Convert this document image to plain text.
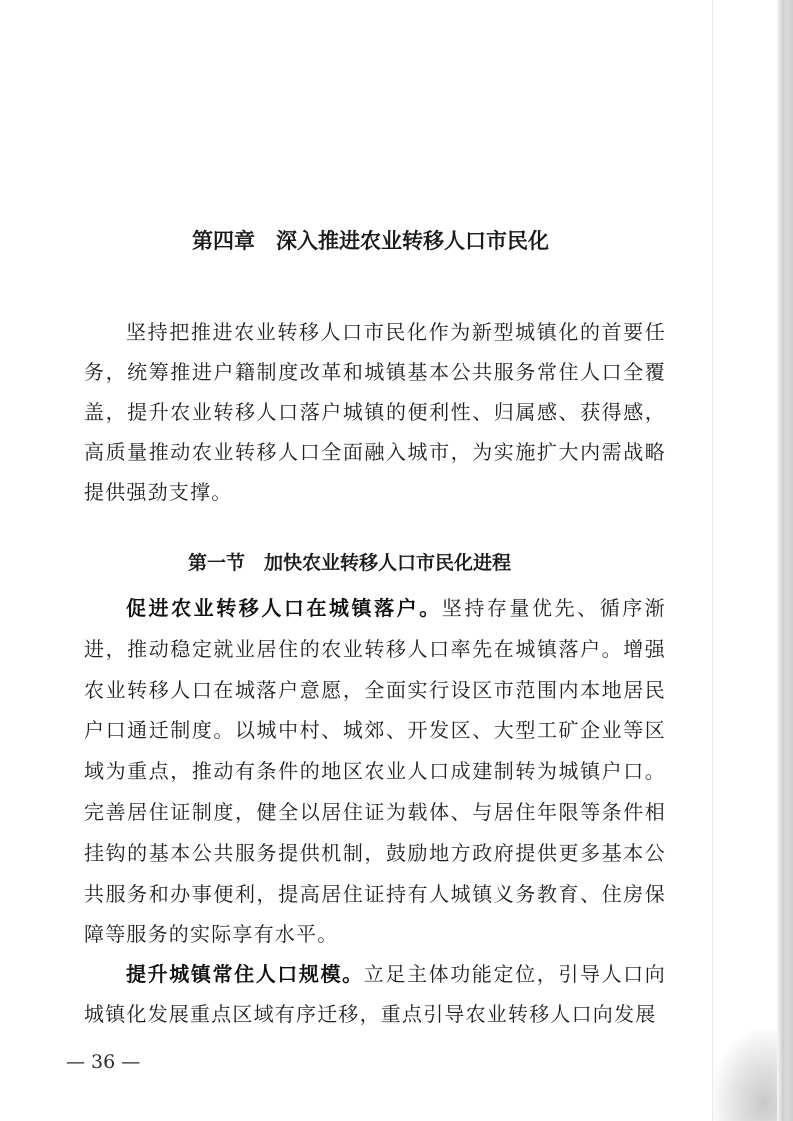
第四章　深入推进农业转移人口市民化

坚持把推进农业转移人口市民化作为新型城镇化的首要任务，统筹推进户籍制度改革和城镇基本公共服务常住人口全覆盖，提升农业转移人口落户城镇的便利性、归属感、获得感，高质量推动农业转移人口全面融入城市，为实施扩大内需战略提供强劲支撑。

第一节　加快农业转移人口市民化进程

促进农业转移人口在城镇落户。坚持存量优先、循序渐进，推动稳定就业居住的农业转移人口率先在城镇落户。增强农业转移人口在城落户意愿，全面实行设区市范围内本地居民户口通迁制度。以城中村、城郊、开发区、大型工矿企业等区域为重点，推动有条件的地区农业人口成建制转为城镇户口。完善居住证制度，健全以居住证为载体、与居住年限等条件相挂钩的基本公共服务提供机制，鼓励地方政府提供更多基本公共服务和办事便利，提高居住证持有人城镇义务教育、住房保障等服务的实际享有水平。

提升城镇常住人口规模。立足主体功能定位，引导人口向城镇化发展重点区域有序迁移，重点引导农业转移人口向发展

— 36 —
